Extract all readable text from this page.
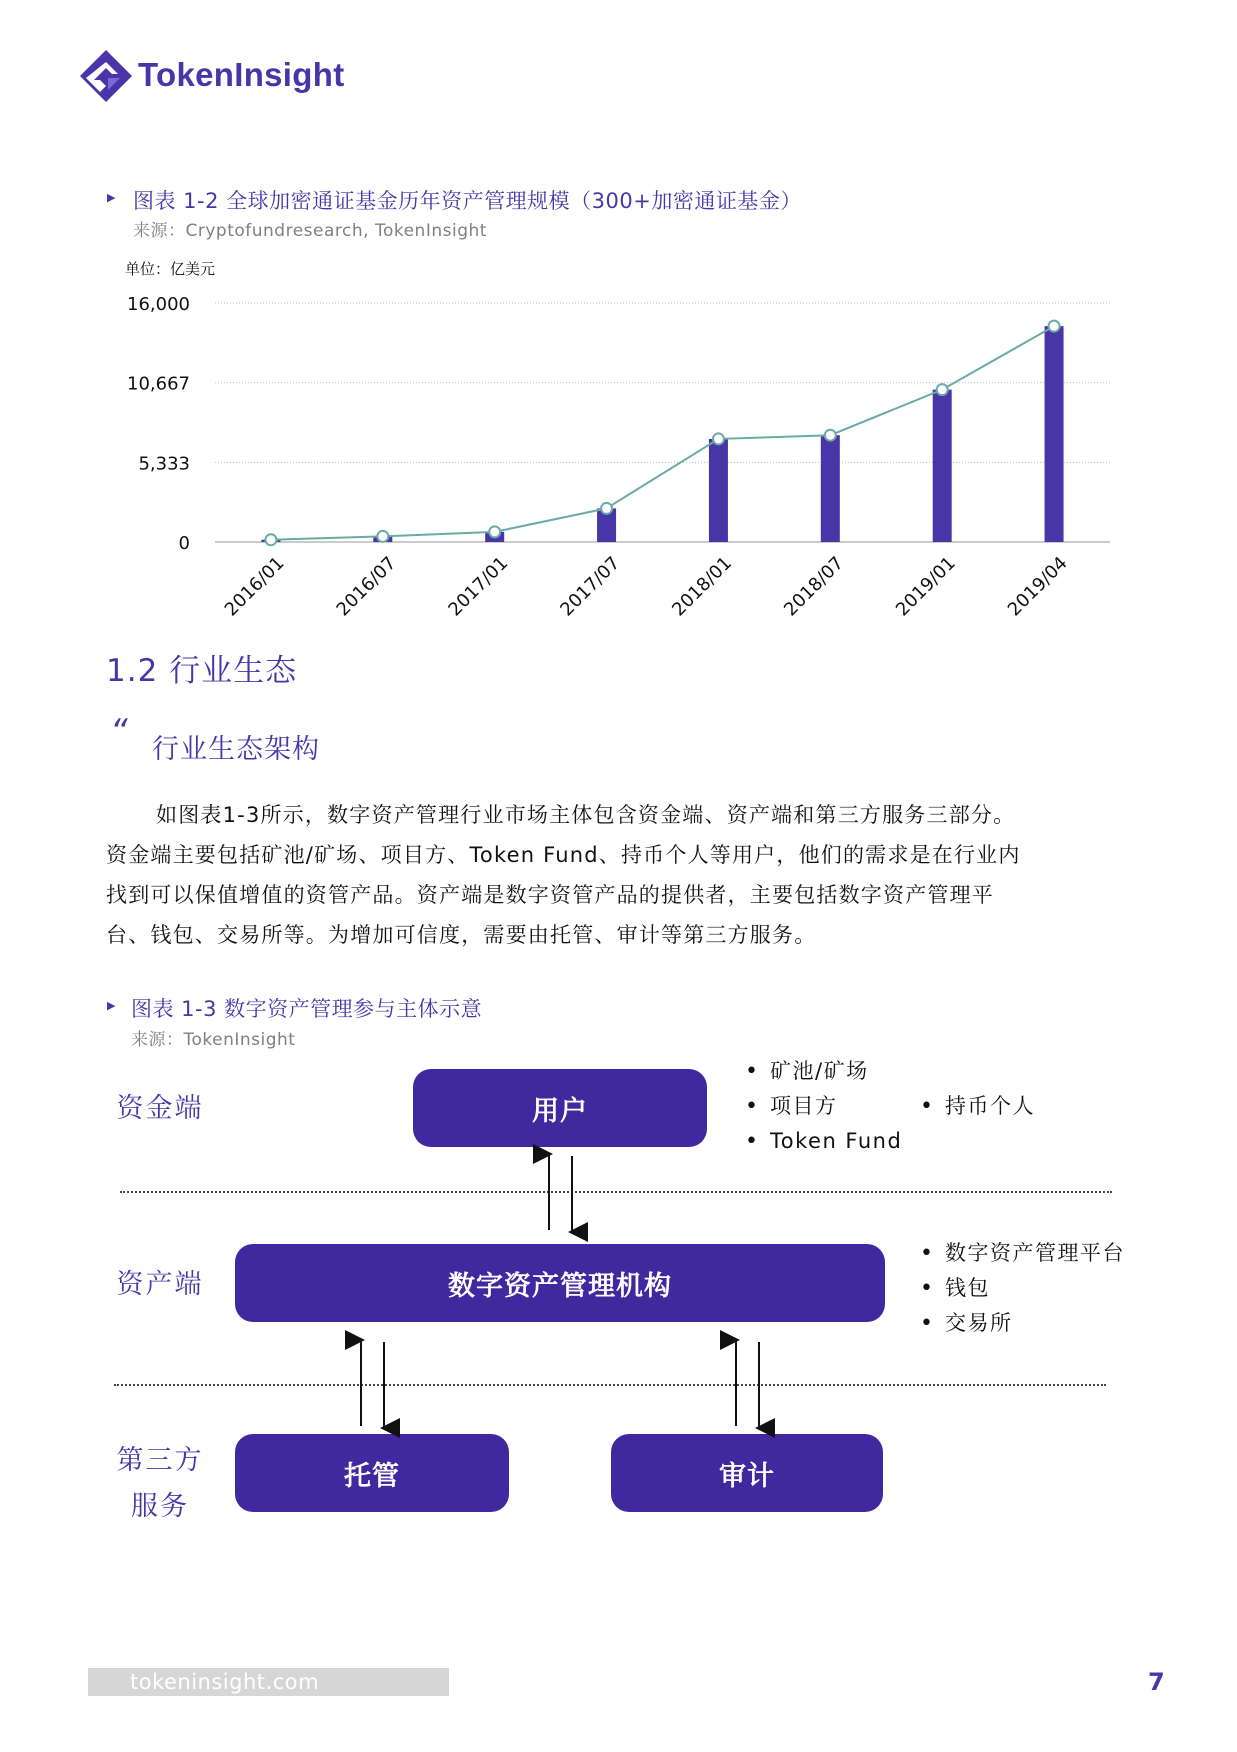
TokenInsight
▶ 图表 1-2 全球加密通证基金历年资产管理规模（300+加密通证基金）
来源：Cryptofundresearch, TokenInsight
单位：亿美元
0
5,333
10,667
16,000
2016/01 2016/07 2017/01 2017/07 2018/01 2018/07 2019/01 2019/04
1.2 行业生态
“ 行业生态架构
如图表1-3所示，数字资产管理行业市场主体包含资金端、资产端和第三方服务三部分。
资金端主要包括矿池/矿场、项目方、Token Fund、持币个人等用户，他们的需求是在行业内
找到可以保值增值的资管产品。资产端是数字资管产品的提供者，主要包括数字资产管理平
台、钱包、交易所等。为增加可信度，需要由托管、审计等第三方服务。
▶ 图表 1-3 数字资产管理参与主体示意
来源：TokenInsight
资金端
资产端
第三方
服务
用户
数字资产管理机构
托管	审计
• 矿池/矿场
• 项目方
• Token Fund
• 持币个人
• 数字资产管理平台
• 钱包
• 交易所
tokeninsight.com	7
